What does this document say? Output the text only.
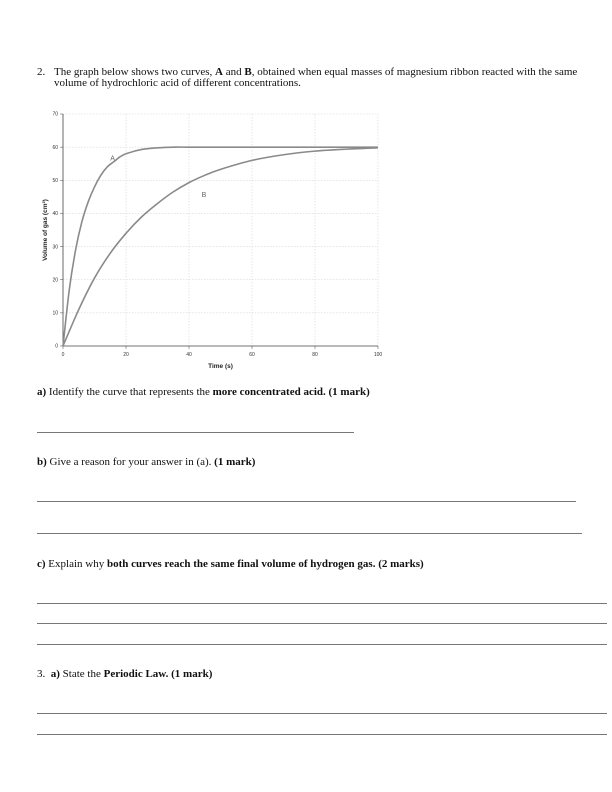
2. The graph below shows two curves, A and B, obtained when equal masses of magnesium ribbon reacted with the same volume of hydrochloric acid of different concentrations.
0
10
20
30
40
50
60
70
0	20	40	60	80	100
A
B
Time (s)
Volume of gas (cm³)
a) Identify the curve that represents the more concentrated acid. (1 mark)
b) Give a reason for your answer in (a). (1 mark)
c) Explain why both curves reach the same final volume of hydrogen gas. (2 marks)
3. a) State the Periodic Law. (1 mark)
